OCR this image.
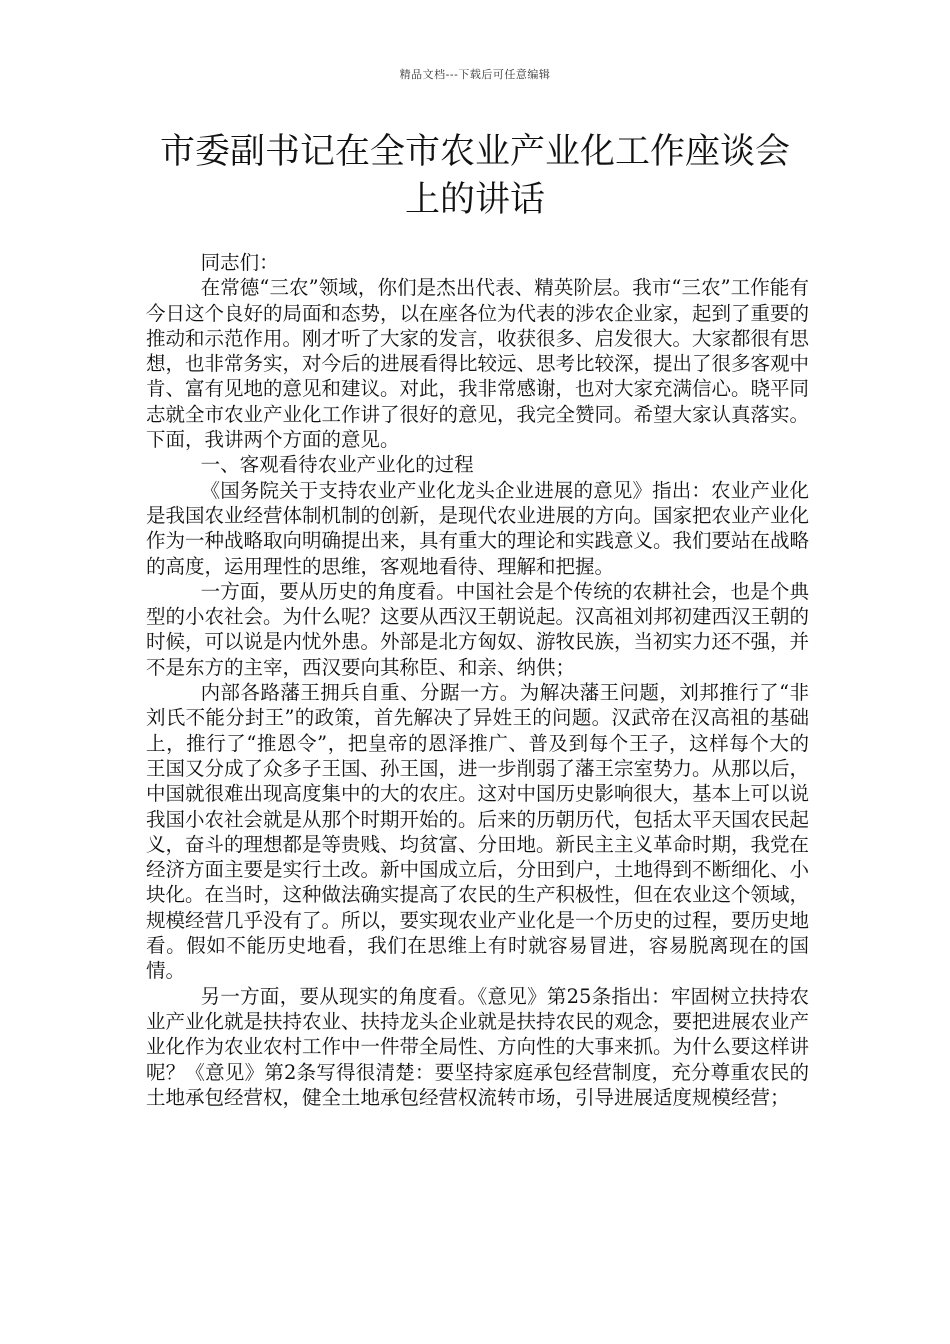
精品文档---下载后可任意编辑
市委副书记在全市农业产业化工作座谈会
上的讲话

同志们：

在常德“三农”领域，你们是杰出代表、精英阶层。我市“三农”工作能有今日这个良好的局面和态势，以在座各位为代表的涉农企业家，起到了重要的推动和示范作用。刚才听了大家的发言，收获很多、启发很大。大家都很有思想，也非常务实，对今后的进展看得比较远、思考比较深，提出了很多客观中肯、富有见地的意见和建议。对此，我非常感谢，也对大家充满信心。晓平同志就全市农业产业化工作讲了很好的意见，我完全赞同。希望大家认真落实。下面，我讲两个方面的意见。

一、客观看待农业产业化的过程

《国务院关于支持农业产业化龙头企业进展的意见》指出：农业产业化是我国农业经营体制机制的创新，是现代农业进展的方向。国家把农业产业化作为一种战略取向明确提出来，具有重大的理论和实践意义。我们要站在战略的高度，运用理性的思维，客观地看待、理解和把握。

一方面，要从历史的角度看。中国社会是个传统的农耕社会，也是个典型的小农社会。为什么呢？这要从西汉王朝说起。汉高祖刘邦初建西汉王朝的时候，可以说是内忧外患。外部是北方匈奴、游牧民族，当初实力还不强，并不是东方的主宰，西汉要向其称臣、和亲、纳供；

内部各路藩王拥兵自重、分踞一方。为解决藩王问题，刘邦推行了“非刘氏不能分封王”的政策，首先解决了异姓王的问题。汉武帝在汉高祖的基础上，推行了“推恩令”，把皇帝的恩泽推广、普及到每个王子，这样每个大的王国又分成了众多子王国、孙王国，进一步削弱了藩王宗室势力。从那以后，中国就很难出现高度集中的大的农庄。这对中国历史影响很大，基本上可以说我国小农社会就是从那个时期开始的。后来的历朝历代，包括太平天国农民起义，奋斗的理想都是等贵贱、均贫富、分田地。新民主主义革命时期，我党在经济方面主要是实行土改。新中国成立后，分田到户，土地得到不断细化、小块化。在当时，这种做法确实提高了农民的生产积极性，但在农业这个领域，规模经营几乎没有了。所以，要实现农业产业化是一个历史的过程，要历史地看。假如不能历史地看，我们在思维上有时就容易冒进，容易脱离现在的国情。

另一方面，要从现实的角度看。《意见》第25条指出：牢固树立扶持农业产业化就是扶持农业、扶持龙头企业就是扶持农民的观念，要把进展农业产业化作为农业农村工作中一件带全局性、方向性的大事来抓。为什么要这样讲呢？《意见》第2条写得很清楚：要坚持家庭承包经营制度，充分尊重农民的土地承包经营权，健全土地承包经营权流转市场，引导进展适度规模经营；
